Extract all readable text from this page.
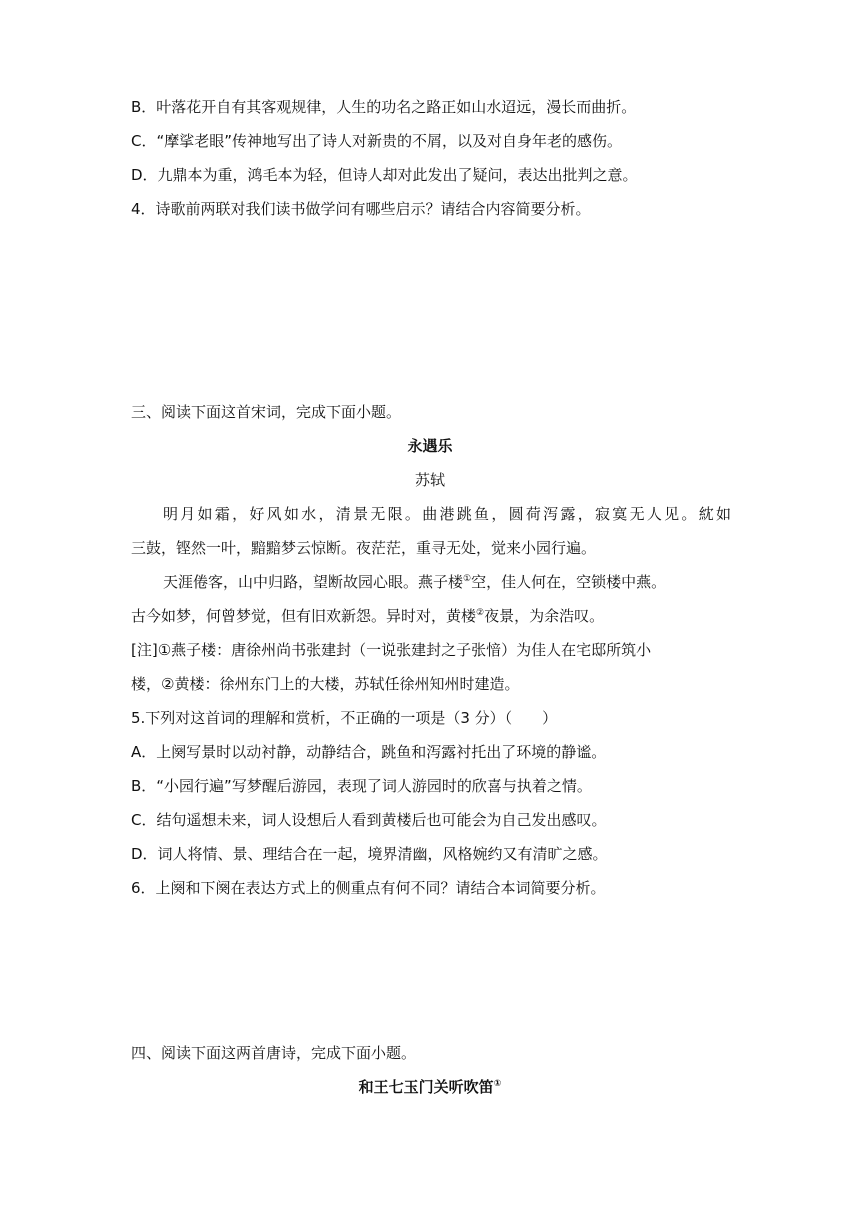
B．叶落花开自有其客观规律，人生的功名之路正如山水迢远，漫长而曲折。
C．“摩挲老眼”传神地写出了诗人对新贵的不屑，以及对自身年老的感伤。
D．九鼎本为重，鸿毛本为轻，但诗人却对此发出了疑问，表达出批判之意。
4．诗歌前两联对我们读书做学问有哪些启示？请结合内容简要分析。
三、阅读下面这首宋词，完成下面小题。
永遇乐
苏轼
明月如霜，好风如水，清景无限。曲港跳鱼，圆荷泻露，寂寞无人见。紞如
三鼓，铿然一叶，黯黯梦云惊断。夜茫茫，重寻无处，觉来小园行遍。
天涯倦客，山中归路，望断故园心眼。燕子楼①空，佳人何在，空锁楼中燕。
古今如梦，何曾梦觉，但有旧欢新怨。异时对，黄楼②夜景，为余浩叹。
[注]①燕子楼：唐徐州尚书张建封（一说张建封之子张愔）为佳人在宅邸所筑小
楼，②黄楼：徐州东门上的大楼，苏轼任徐州知州时建造。
5.下列对这首词的理解和赏析，不正确的一项是（3 分）（　　）
A．上阕写景时以动衬静，动静结合，跳鱼和泻露衬托出了环境的静谧。
B．“小园行遍”写梦醒后游园，表现了词人游园时的欣喜与执着之情。
C．结句遥想未来，词人设想后人看到黄楼后也可能会为自己发出感叹。
D．词人将情、景、理结合在一起，境界清幽，风格婉约又有清旷之感。
6．上阕和下阕在表达方式上的侧重点有何不同？请结合本词简要分析。
四、阅读下面这两首唐诗，完成下面小题。
和王七玉门关听吹笛①
